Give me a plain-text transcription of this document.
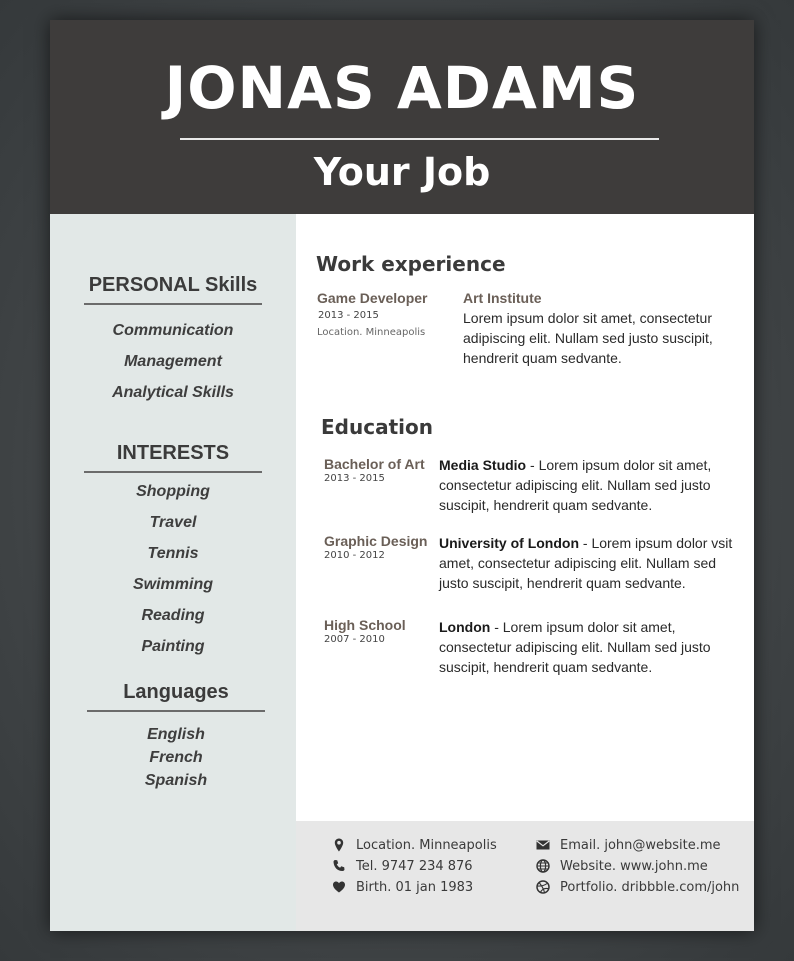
JONAS ADAMS
Your Job
PERSONAL Skills
Communication
Management
Analytical Skills
INTERESTS
Shopping
Travel
Tennis
Swimming
Reading
Painting
Languages
English
French
Spanish
Work experience
Game Developer
2013 - 2015
Location. Minneapolis
Art Institute
Lorem ipsum dolor sit amet, consectetur
adipiscing elit. Nullam sed justo suscipit,
hendrerit quam sedvante.
Education
Bachelor of Art
2013 - 2015
Media Studio - Lorem ipsum dolor sit amet,
consectetur adipiscing elit. Nullam sed justo
suscipit, hendrerit quam sedvante.
Graphic Design
2010 - 2012
University of London - Lorem ipsum dolor vsit
amet, consectetur adipiscing elit. Nullam sed
justo suscipit, hendrerit quam sedvante.
High School
2007 - 2010
London - Lorem ipsum dolor sit amet,
consectetur adipiscing elit. Nullam sed justo
suscipit, hendrerit quam sedvante.
Location. Minneapolis
Tel. 9747 234 876
Birth. 01 jan 1983
Email. john@website.me
Website. www.john.me
Portfolio. dribbble.com/john
